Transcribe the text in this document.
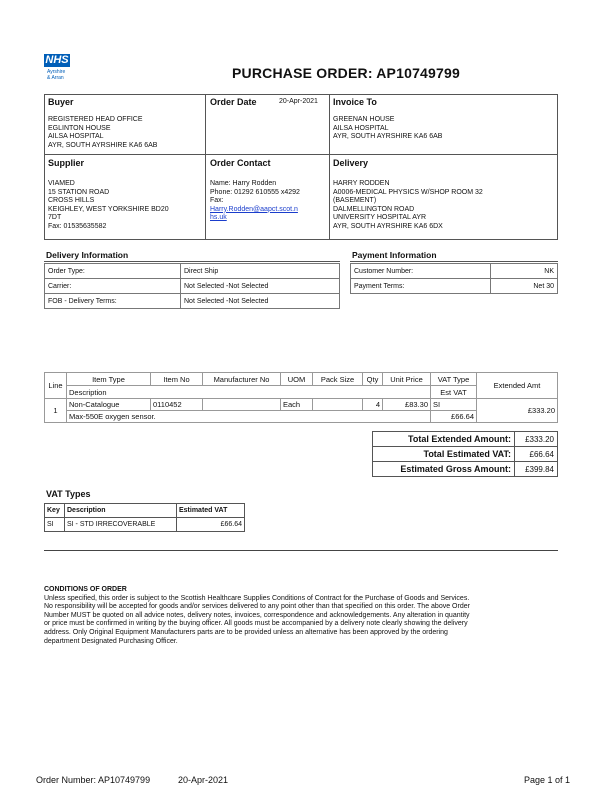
NHS
Ayrshire
& Arran	PURCHASE ORDER: AP10749799
Buyer
REGISTERED HEAD OFFICE
EGLINTON HOUSE
AILSA HOSPITAL
AYR, SOUTH AYRSHIRE KA6 6AB
Order Date	20-Apr-2021 Invoice To
GREENAN HOUSE
AILSA HOSPITAL
AYR, SOUTH AYRSHIRE KA6 6AB
Supplier
VIAMED
15 STATION ROAD
CROSS HILLS
KEIGHLEY, WEST YORKSHIRE BD20
7DT
Fax: 01535635582
Order Contact
Name: Harry Rodden
Phone: 01292 610555 x4292
Fax:
Harry.Rodden@aapct.scot.n
hs.uk
Delivery
HARRY RODDEN
A0006-MEDICAL PHYSICS W/SHOP ROOM 32
(BASEMENT)
DALMELLINGTON ROAD
UNIVERSITY HOSPITAL AYR
AYR, SOUTH AYRSHIRE KA6 6DX
Delivery Information
Order Type:	Direct Ship
Carrier:	Not Selected -Not Selected
FOB - Delivery Terms:	Not Selected -Not Selected
Payment Information
Customer Number:	NK
Payment Terms:	Net 30
Line	Item Type	Item No	Manufacturer No	UOM	Pack Size	Qty	Unit Price	VAT Type	Extended Amt
	Description							Est VAT	
1	Non-Catalogue	0110452		Each		4	£83.30	SI	£333.20
	Max-550E oxygen sensor.							£66.64	
Total Extended Amount:	£333.20
Total Estimated VAT:	£66.64
Estimated Gross Amount:	£399.84
VAT Types
Key	Description	Estimated VAT
SI	SI - STD IRRECOVERABLE	£66.64
CONDITIONS OF ORDER
Unless specified, this order is subject to the Scottish Healthcare Supplies Conditions of Contract for the Purchase of Goods and Services.
No responsibility will be accepted for goods and/or services delivered to any point other than that specified on this order. The above Order
Number MUST be quoted on all advice notes, delivery notes, invoices, correspondence and acknowledgements. Any alteration in quantity
or price must be confirmed in writing by the buying officer. All goods must be accompanied by a delivery note clearly showing the delivery
address. Only Original Equipment Manufacturers parts are to be provided unless an alternative has been approved by the ordering
department Designated Purchasing Officer.
Order Number: AP10749799	20-Apr-2021	Page 1 of 1
